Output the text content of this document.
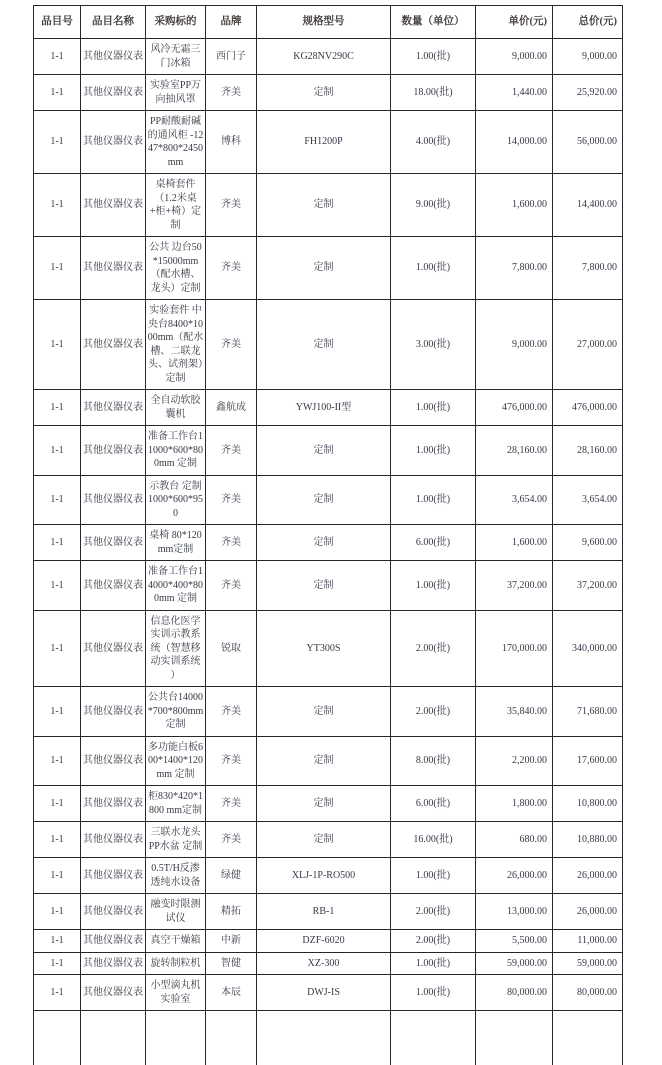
品目号	品目名称	采购标的	品牌	规格型号	数量（单位）	单价(元)	总价(元)
1-1	其他仪器仪表	风冷无霜三门冰箱	西门子	KG28NV290C	1.00(批)	9,000.00	9,000.00
1-1	其他仪器仪表	实验室PP万向抽风罩	齐美	定制	18.00(批)	1,440.00	25,920.00
1-1	其他仪器仪表	PP耐酸耐碱的通风柜 -1247*800*2450mm	博科	FH1200P	4.00(批)	14,000.00	56,000.00
1-1	其他仪器仪表	桌椅套件（1.2米桌+柜+椅）定制	齐美	定制	9.00(批)	1,600.00	14,400.00
1-1	其他仪器仪表	公共 边台50*15000mm（配水槽、龙头）定制	齐美	定制	1.00(批)	7,800.00	7,800.00
1-1	其他仪器仪表	实验套件 中央台8400*1000mm（配水槽、二联龙头、试剂架）定制	齐美	定制	3.00(批)	9,000.00	27,000.00
1-1	其他仪器仪表	全自动软胶囊机	鑫航成	YWJ100-II型	1.00(批)	476,000.00	476,000.00
1-1	其他仪器仪表	准备工作台11000*600*800mm 定制	齐美	定制	1.00(批)	28,160.00	28,160.00
1-1	其他仪器仪表	示教台 定制1000*600*950	齐美	定制	1.00(批)	3,654.00	3,654.00
1-1	其他仪器仪表	桌椅 80*120mm定制	齐美	定制	6.00(批)	1,600.00	9,600.00
1-1	其他仪器仪表	准备工作台14000*400*800mm 定制	齐美	定制	1.00(批)	37,200.00	37,200.00
1-1	其他仪器仪表	信息化医学实训示教系统（智慧移动实训系统 ）	锐取	YT300S	2.00(批)	170,000.00	340,000.00
1-1	其他仪器仪表	公共台14000*700*800mm 定制	齐美	定制	2.00(批)	35,840.00	71,680.00
1-1	其他仪器仪表	多功能白板600*1400*120mm 定制	齐美	定制	8.00(批)	2,200.00	17,600.00
1-1	其他仪器仪表	柜830*420*1800 mm定制	齐美	定制	6.00(批)	1,800.00	10,800.00
1-1	其他仪器仪表	三联水龙头 PP水盆 定制	齐美	定制	16.00(批)	680.00	10,880.00
1-1	其他仪器仪表	0.5T/H反渗透纯水设备	绿健	XLJ-1P-RO500	1.00(批)	26,000.00	26,000.00
1-1	其他仪器仪表	融变时限测试仪	精拓	RB-1	2.00(批)	13,000.00	26,000.00
1-1	其他仪器仪表	真空干燥箱	中新	DZF-6020	2.00(批)	5,500.00	11,000.00
1-1	其他仪器仪表	旋转制粒机	智健	XZ-300	1.00(批)	59,000.00	59,000.00
1-1	其他仪器仪表	小型滴丸机实验室	本辰	DWJ-IS	1.00(批)	80,000.00	80,000.00
